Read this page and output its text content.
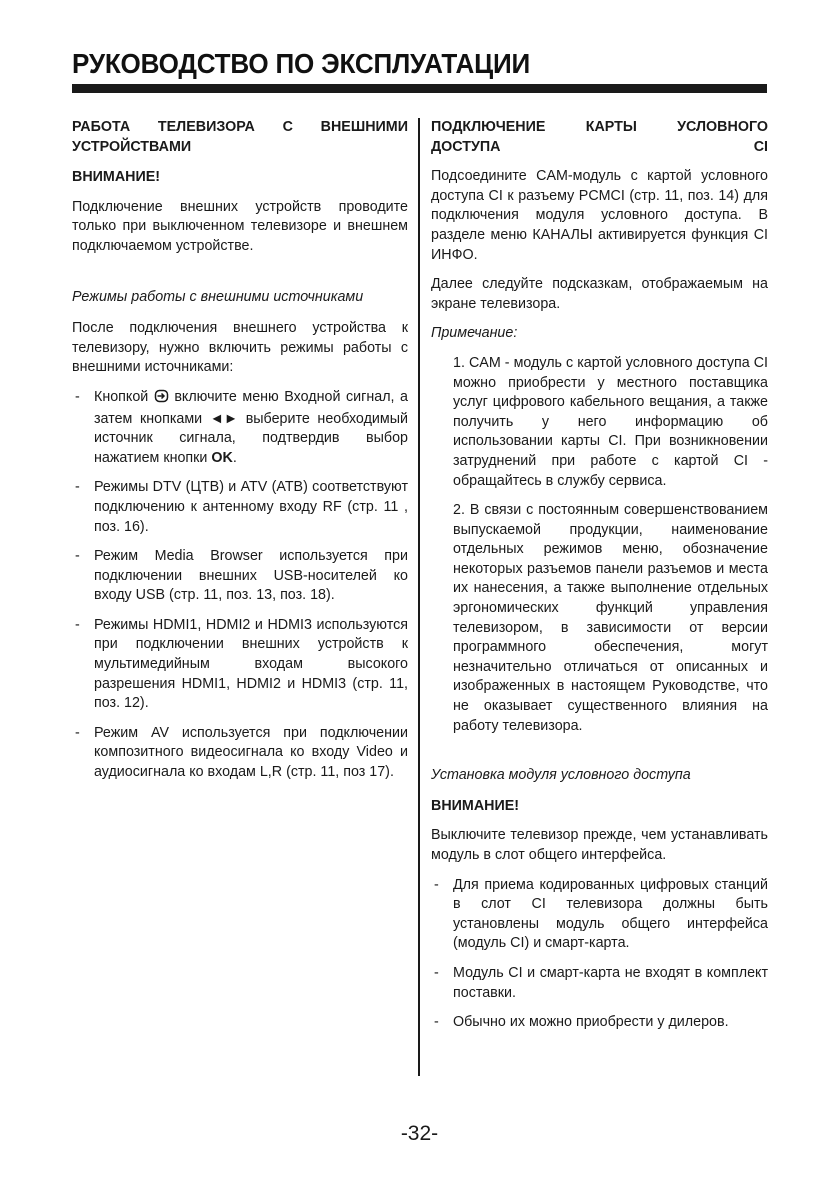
РУКОВОДСТВО ПО ЭКСПЛУАТАЦИИ

РАБОТА ТЕЛЕВИЗОРА С ВНЕШНИМИ УСТРОЙСТВАМИ

ВНИМАНИЕ!

Подключение внешних устройств проводите только при выключенном телевизоре и внешнем подключаемом устройстве.

Режимы работы с внешними источниками

После подключения внешнего устройства к телевизору, нужно включить режимы работы с внешними источниками:

- Кнопкой  включите меню Входной сигнал, а затем кнопками ◄► выберите необходимый источник сигнала, подтвердив выбор нажатием кнопки OK.
- Режимы DTV (ЦТВ) и ATV (АТВ) соответствуют подключению к антенному входу RF (стр. 11 , поз. 16).
- Режим Media Browser используется при подключении внешних USB-носителей ко входу USB (стр. 11, поз. 13, поз. 18).
- Режимы HDMI1, HDMI2 и HDMI3 используются при подключении внешних устройств к мультимедийным входам высокого разрешения HDMI1, HDMI2 и HDMI3 (стр. 11, поз. 12).
- Режим AV используется при подключении композитного видеосигнала ко входу Video и аудиосигнала ко входам L,R (стр. 11, поз 17).

ПОДКЛЮЧЕНИЕ КАРТЫ УСЛОВНОГО ДОСТУПА CI

Подсоедините CAM-модуль с картой условного доступа CI к разъему PCMCI (стр. 11, поз. 14) для подключения модуля условного доступа. В разделе меню КАНАЛЫ активируется функция CI ИНФО.

Далее следуйте подсказкам, отображаемым на экране телевизора.

Примечание:

1. CAM - модуль с картой условного доступа CI можно приобрести у местного поставщика услуг цифрового кабельного вещания, а также получить у него информацию об использовании карты CI. При возникновении затруднений при работе с картой CI - обращайтесь в службу сервиса.

2. В связи с постоянным совершенствованием выпускаемой продукции, наименование отдельных режимов меню, обозначение некоторых разъемов панели разъемов и места их нанесения, а также выполнение отдельных эргономических функций управления телевизором, в зависимости от версии программного обеспечения, могут незначительно отличаться от описанных и изображенных в настоящем Руководстве, что не оказывает существенного влияния на работу телевизора.

Установка модуля условного доступа

ВНИМАНИЕ!

Выключите телевизор прежде, чем устанавливать модуль в слот общего интерфейса.

- Для приема кодированных цифровых станций в слот CI телевизора должны быть установлены модуль общего интерфейса (модуль CI) и смарт-карта.
- Модуль CI и смарт-карта не входят в комплект поставки.
- Обычно их можно приобрести у дилеров.
-32-
